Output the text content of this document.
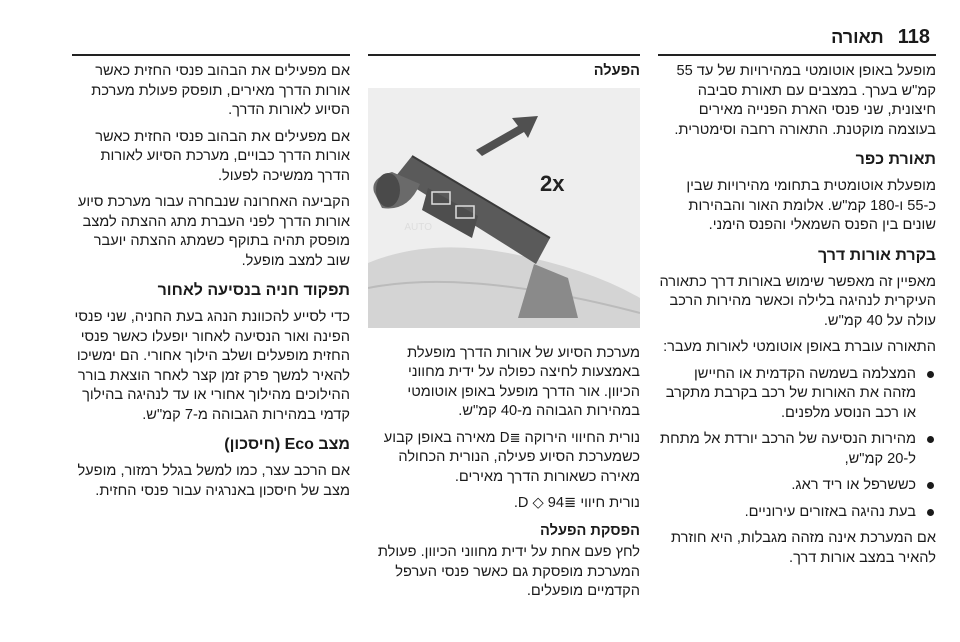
118
תאורה

מופעל באופן אוטומטי במהירויות של עד 55 קמ"ש בערך. במצבים עם תאורת סביבה חיצונית, שני פנסי הארת הפנייה מאירים בעוצמה מוקטנת. התאורה רחבה וסימטרית.

תאורת כפר

מופעלת אוטומטית בתחומי מהירויות שבין כ-55 ו-180 קמ"ש. אלומת האור והבהירות שונים בין הפנס השמאלי והפנס הימני.

בקרת אורות דרך

מאפיין זה מאפשר שימוש באורות דרך כתאורה העיקרית לנהיגה בלילה וכאשר מהירות הרכב עולה על 40 קמ"ש.

התאורה עוברת באופן אוטומטי לאורות מעבר:

המצלמה בשמשה הקדמית או החיישן מזהה את האורות של רכב בקרבת מתקרב או רכב הנוסע מלפנים.
מהירות הנסיעה של הרכב יורדת אל מתחת ל-20 קמ"ש,
כששרפל או ריד ראג.
בעת נהיגה באזורים עירוניים.

אם המערכת אינה מזהה מגבלות, היא חוזרת להאיר במצב אורות דרך.

הפעלה
AUTO
2x

מערכת הסיוע של אורות הדרך מופעלת באמצעות לחיצה כפולה על ידית מחווני הכיוון. אור הדרך מופעל באופן אוטומטי במהירות הגבוהה מ-40 קמ"ש.

נורית החיווי הירוקה ≣D מאירה באופן קבוע כשמערכת הסיוע פעילה, הנורית הכחולה מאירה כשאורות הדרך מאירים.

נורית חיווי ≣D ◇ 94.

הפסקת הפעלה

לחץ פעם אחת על ידית מחווני הכיוון. פעולת המערכת מופסקת גם כאשר פנסי הערפל הקדמיים מופעלים.

אם מפעילים את הבהוב פנסי החזית כאשר אורות הדרך מאירים, תופסק פעולת מערכת הסיוע לאורות הדרך.

אם מפעילים את הבהוב פנסי החזית כאשר אורות הדרך כבויים, מערכת הסיוע לאורות הדרך ממשיכה לפעול.

הקביעה האחרונה שנבחרה עבור מערכת סיוע אורות הדרך לפני העברת מתג ההצתה למצב מופסק תהיה בתוקף כשמתג ההצתה יועבר שוב למצב מופעל.

תפקוד חניה בנסיעה לאחור

כדי לסייע להכוונת הנהג בעת החניה, שני פנסי הפינה ואור הנסיעה לאחור יופעלו כאשר פנסי החזית מופעלים ושלב הילוך אחורי. הם ימשיכו להאיר למשך פרק זמן קצר לאחר הוצאת בורר ההילוכים מהילוך אחורי או עד לנהיגה בהילוך קדמי במהירות הגבוהה מ-7 קמ"ש.

מצב Eco (חיסכון)

אם הרכב עצר, כמו למשל בגלל רמזור, מופעל מצב של חיסכון באנרגיה עבור פנסי החזית.
